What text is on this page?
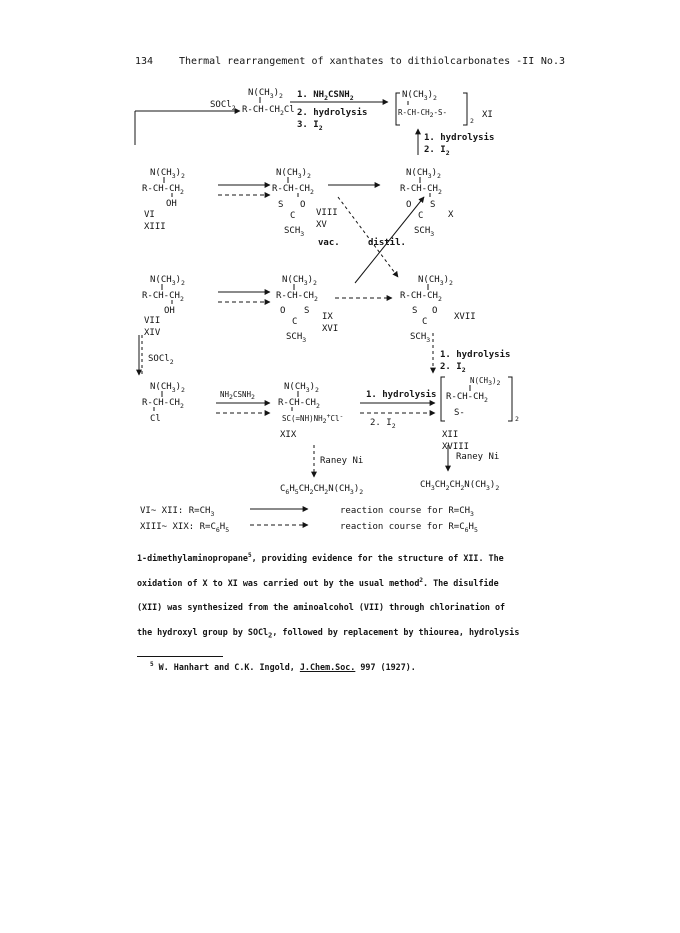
134	Thermal rearrangement of xanthates to dithiolcarbonates -II No.3
SOCl$_2$
$N(CH_3)_2$
$R-CH-CH_2Cl$
1. $NH_2CSNH_2$
2. hydrolysis
3. $I_2$
$N(CH_3)_2$
R-CH-CH2-S-
2
XI
1. hydrolysis
2. $I_2$
$N(CH_3)_2$
$R-CH-CH_2$
OH
VI
XIII
$N(CH_3)_2$
$R-CH-CH_2$
S O
C
$SCH_3$
VIII
XV
$N(CH_3)_2$
$R-CH-CH_2$
O S
C
$SCH_3$
X
vac.	distil.
$N(CH_3)_2$
$R-CH-CH_2$
OH
VII
XIV
$N(CH_3)_2$
$R-CH-CH_2$
O S
C
$SCH_3$
IX
XVI
$N(CH_3)_2$
$R-CH-CH_2$
S O
C
$SCH_3$
XVII
SOCl$_2$
1. hydrolysis
2. $I_2$
$N(CH_3)_2$
$R-CH-CH_2$
Cl
NH2CSNH2
$N(CH_3)_2$
$R-CH-CH_2$
SC(=NH)NH2+Cl-
XIX
1. hydrolysis
2. $I_2$
N(CH3)2
$R-CH-CH_2$
S-
2
XII
XVIII
Raney Ni	Raney Ni
$C_6H_5CH_2CH_2N(CH_3)_2$
$CH_3CH_2CH_2N(CH_3)_2$
VI~ XII: $R=CH_3$
XIII~ XIX: $R=C_6H_5$
reaction course for $R=CH_3$
reaction course for $R=C_6H_5$

1-dimethylaminopropane$^5$, providing evidence for the structure of XII. The

oxidation of X to XI was carried out by the usual method$^2$. The disulfide

(XII) was synthesized from the aminoalcohol (VII) through chlorination of

the hydroxyl group by SOCl$_2$, followed by replacement by thiourea, hydrolysis

$^5$ W. Hanhart and C.K. Ingold, J.Chem.Soc. 997 (1927).
